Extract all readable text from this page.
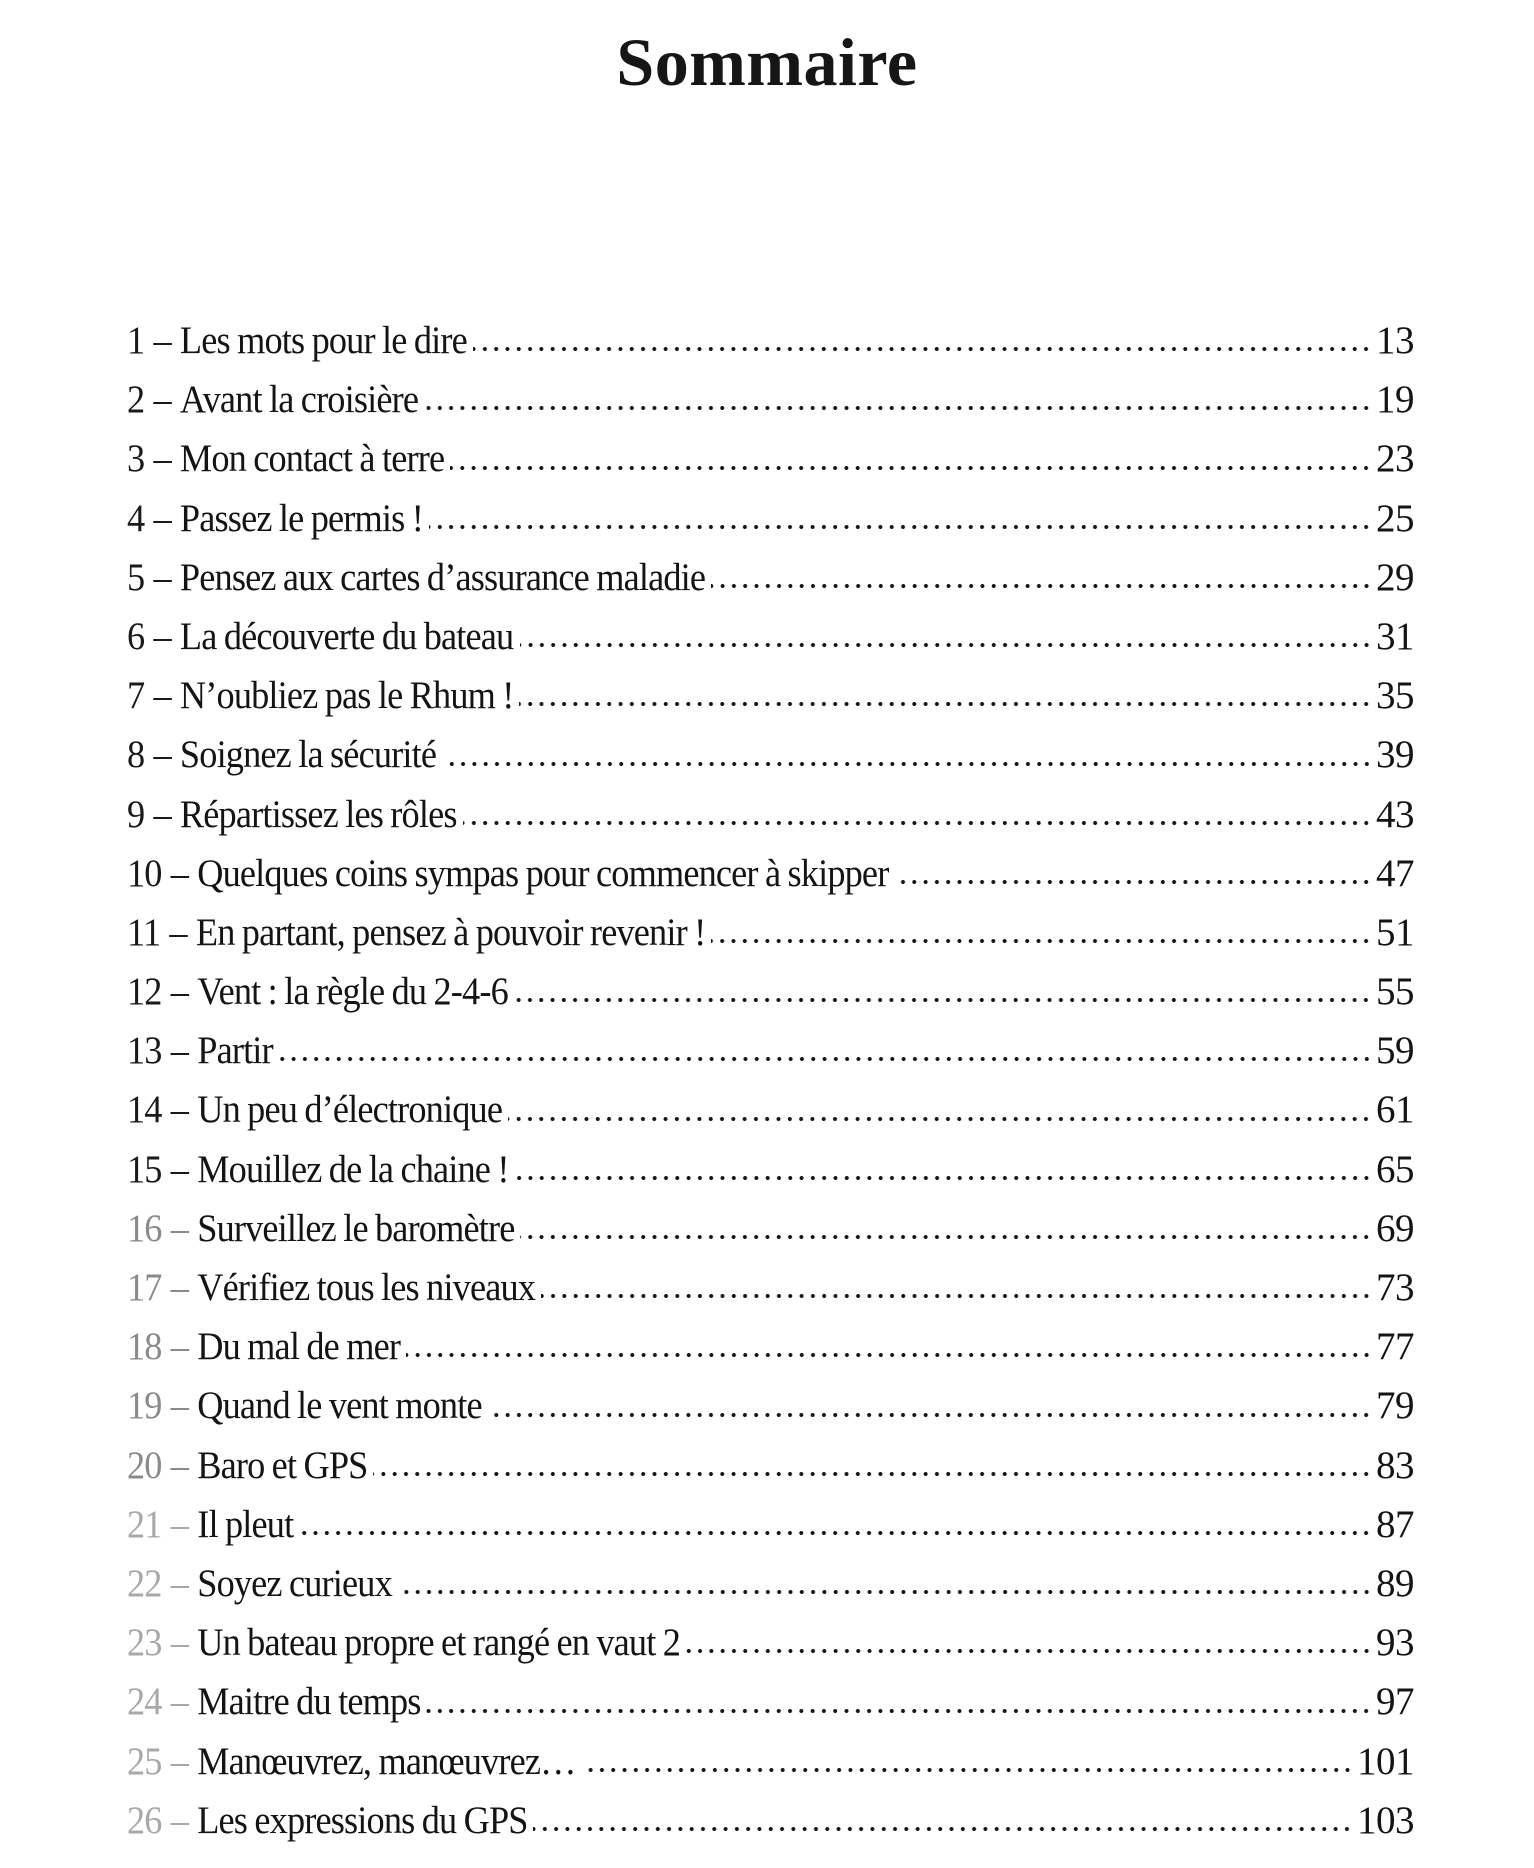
Sommaire
1 – Les mots pour le dire	13
2 – Avant la croisière	19
3 – Mon contact à terre	23
4 – Passez le permis !	25
5 – Pensez aux cartes d’assurance maladie	29
6 – La découverte du bateau	31
7 – N’oubliez pas le Rhum !	35
8 – Soignez la sécurité	39
9 – Répartissez les rôles	43
10 – Quelques coins sympas pour commencer à skipper	47
11 – En partant, pensez à pouvoir revenir !	51
12 – Vent : la règle du 2-4-6	55
13 – Partir	59
14 – Un peu d’électronique	61
15 – Mouillez de la chaine !	65
16 – Surveillez le baromètre	69
17 – Vérifiez tous les niveaux	73
18 – Du mal de mer	77
19 – Quand le vent monte	79
20 – Baro et GPS	83
21 – Il pleut	87
22 – Soyez curieux	89
23 – Un bateau propre et rangé en vaut 2	93
24 – Maitre du temps	97
25 – Manœuvrez, manœuvrez…	101
26 – Les expressions du GPS	103
